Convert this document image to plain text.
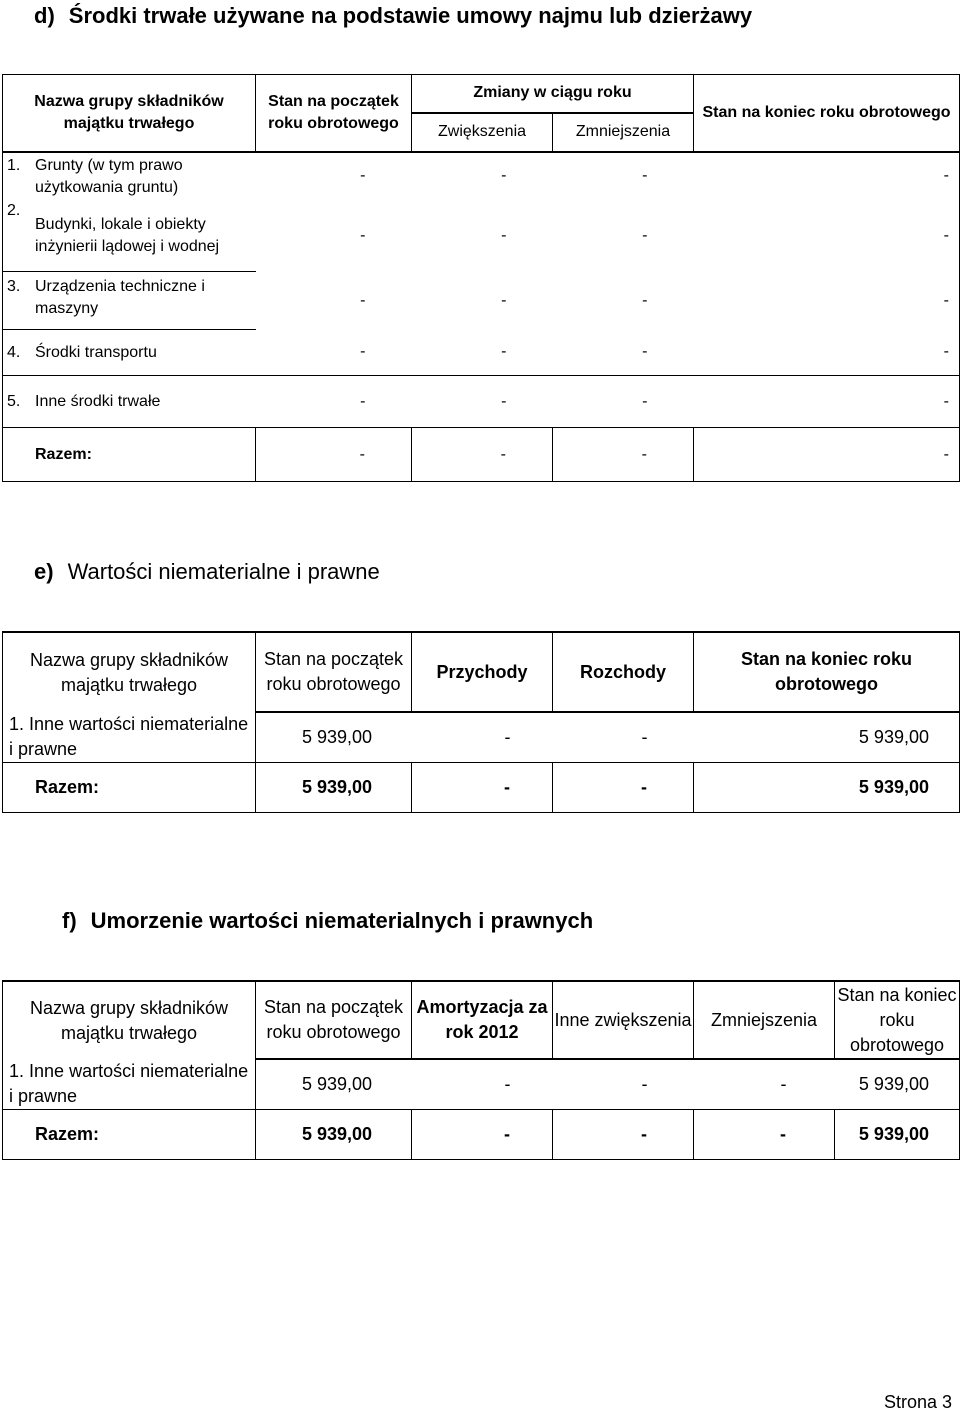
d) Środki trwałe używane na podstawie umowy najmu lub dzierżawy
Nazwa grupy składników majątku trwałego	Stan na początek roku obrotowego	Zmiany w ciągu roku		Stan na koniec roku obrotowego
		Zwiększenia	Zmniejszenia	
1. Grunty (w tym prawo użytkowania gruntu)	-	-	-	-
2.Budynki, lokale i obiekty inżynierii lądowej i wodnej	-	-	-	-
3. Urządzenia techniczne i maszyny	-	-	-	-
4. Środki transportu	-	-	-	-
5. Inne środki trwałe	-	-	-	-
Razem:	-	-	-	-
e) Wartości niematerialne i prawne
Nazwa grupy składników majątku trwałego	Stan na początek roku obrotowego	Przychody	Rozchody	Stan na koniec roku obrotowego
1. Inne wartości niematerialne i prawne	5 939,00	-	-	5 939,00
Razem:	5 939,00	-	-	5 939,00
f) Umorzenie wartości niematerialnych i prawnych
Nazwa grupy składników majątku trwałego	Stan na początek roku obrotowego	Amortyzacja za rok 2012	Inne zwiększenia	Zmniejszenia	Stan na koniec roku obrotowego
1. Inne wartości niematerialne i prawne	5 939,00	-	-	-	5 939,00
Razem:	5 939,00	-	-	-	5 939,00
Strona 3
